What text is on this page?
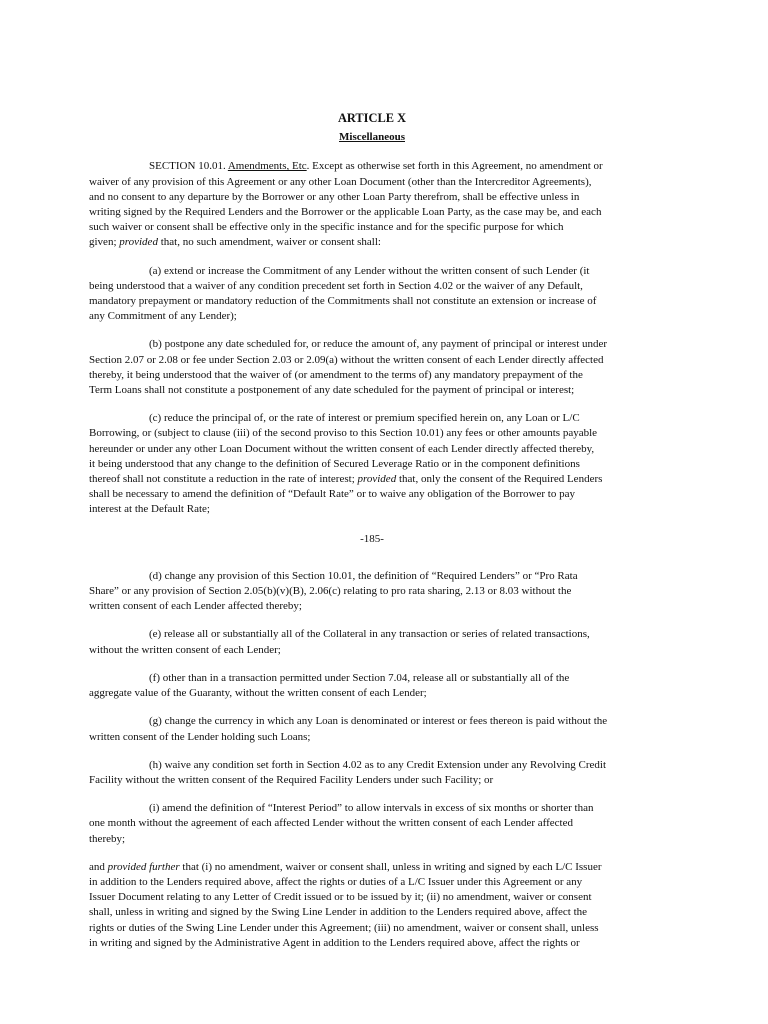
ARTICLE X
Miscellaneous
SECTION 10.01. Amendments, Etc. Except as otherwise set forth in this Agreement, no amendment or
waiver of any provision of this Agreement or any other Loan Document (other than the Intercreditor Agreements),
and no consent to any departure by the Borrower or any other Loan Party therefrom, shall be effective unless in
writing signed by the Required Lenders and the Borrower or the applicable Loan Party, as the case may be, and each
such waiver or consent shall be effective only in the specific instance and for the specific purpose for which
given; provided that, no such amendment, waiver or consent shall:
(a) extend or increase the Commitment of any Lender without the written consent of such Lender (it
being understood that a waiver of any condition precedent set forth in Section 4.02 or the waiver of any Default,
mandatory prepayment or mandatory reduction of the Commitments shall not constitute an extension or increase of
any Commitment of any Lender);
(b) postpone any date scheduled for, or reduce the amount of, any payment of principal or interest under
Section 2.07 or 2.08 or fee under Section 2.03 or 2.09(a) without the written consent of each Lender directly affected
thereby, it being understood that the waiver of (or amendment to the terms of) any mandatory prepayment of the
Term Loans shall not constitute a postponement of any date scheduled for the payment of principal or interest;
(c) reduce the principal of, or the rate of interest or premium specified herein on, any Loan or L/C
Borrowing, or (subject to clause (iii) of the second proviso to this Section 10.01) any fees or other amounts payable
hereunder or under any other Loan Document without the written consent of each Lender directly affected thereby,
it being understood that any change to the definition of Secured Leverage Ratio or in the component definitions
thereof shall not constitute a reduction in the rate of interest; provided that, only the consent of the Required Lenders
shall be necessary to amend the definition of “Default Rate” or to waive any obligation of the Borrower to pay
interest at the Default Rate;
-185-
(d) change any provision of this Section 10.01, the definition of “Required Lenders” or “Pro Rata
Share” or any provision of Section 2.05(b)(v)(B), 2.06(c) relating to pro rata sharing, 2.13 or 8.03 without the
written consent of each Lender affected thereby;
(e) release all or substantially all of the Collateral in any transaction or series of related transactions,
without the written consent of each Lender;
(f) other than in a transaction permitted under Section 7.04, release all or substantially all of the
aggregate value of the Guaranty, without the written consent of each Lender;
(g) change the currency in which any Loan is denominated or interest or fees thereon is paid without the
written consent of the Lender holding such Loans;
(h) waive any condition set forth in Section 4.02 as to any Credit Extension under any Revolving Credit
Facility without the written consent of the Required Facility Lenders under such Facility; or
(i) amend the definition of “Interest Period” to allow intervals in excess of six months or shorter than
one month without the agreement of each affected Lender without the written consent of each Lender affected
thereby;
and provided further that (i) no amendment, waiver or consent shall, unless in writing and signed by each L/C Issuer
in addition to the Lenders required above, affect the rights or duties of a L/C Issuer under this Agreement or any
Issuer Document relating to any Letter of Credit issued or to be issued by it; (ii) no amendment, waiver or consent
shall, unless in writing and signed by the Swing Line Lender in addition to the Lenders required above, affect the
rights or duties of the Swing Line Lender under this Agreement; (iii) no amendment, waiver or consent shall, unless
in writing and signed by the Administrative Agent in addition to the Lenders required above, affect the rights or
